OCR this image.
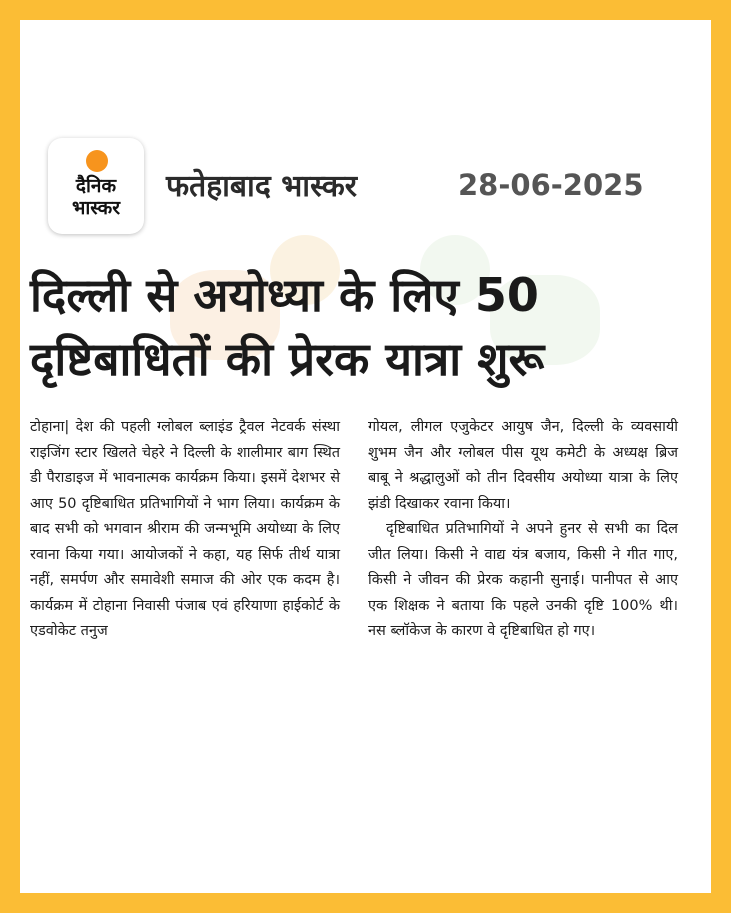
दैनिक
भास्कर
फतेहाबाद भास्कर	28-06-2025
दिल्ली से अयोध्या के लिए 50
दृष्टिबाधितों की प्रेरक यात्रा शुरू

टोहाना| देश की पहली ग्लोबल ब्लाइंड ट्रैवल नेटवर्क संस्था राइजिंग स्टार खिलते चेहरे ने दिल्ली के शालीमार बाग स्थित डी पैराडाइज में भावनात्मक कार्यक्रम किया। इसमें देशभर से आए 50 दृष्टिबाधित प्रतिभागियों ने भाग लिया। कार्यक्रम के बाद सभी को भगवान श्रीराम की जन्मभूमि अयोध्या के लिए रवाना किया गया। आयोजकों ने कहा, यह सिर्फ तीर्थ यात्रा नहीं, समर्पण और समावेशी समाज की ओर एक कदम है। कार्यक्रम में टोहाना निवासी पंजाब एवं हरियाणा हाईकोर्ट के एडवोकेट तनुज

गोयल, लीगल एजुकेटर आयुष जैन, दिल्ली के व्यवसायी शुभम जैन और ग्लोबल पीस यूथ कमेटी के अध्यक्ष ब्रिज बाबू ने श्रद्धालुओं को तीन दिवसीय अयोध्या यात्रा के लिए झंडी दिखाकर रवाना किया।

दृष्टिबाधित प्रतिभागियों ने अपने हुनर से सभी का दिल जीत लिया। किसी ने वाद्य यंत्र बजाय, किसी ने गीत गाए, किसी ने जीवन की प्रेरक कहानी सुनाई। पानीपत से आए एक शिक्षक ने बताया कि पहले उनकी दृष्टि 100% थी। नस ब्लॉकेज के कारण वे दृष्टिबाधित हो गए।
